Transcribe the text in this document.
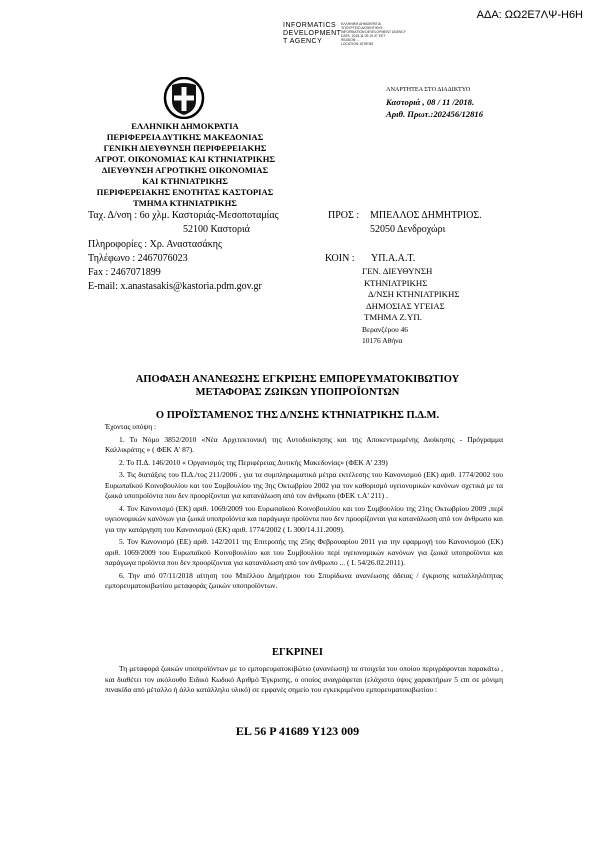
ΑΔΑ: ΩΩ2Ε7ΛΨ-Η6Η
INFORMATICS
DEVELOPMENT
T AGENCY
ΕΛΛΗΝΙΚΗ ΔΗΜΟΚΡΑΤΙΑ
ΥΠΟΥΡΓΕΙΟ ΔΙΟΙΚΗΤΙΚΗΣ
INFORMATION DEVELOPMENT AGENCY
DATE: 2018.11.09 10:37 EET
REASON: ...
LOCATION: ATHENS
ΕΛΛΗΝΙΚΗ ΔΗΜΟΚΡΑΤΙΑ
ΠΕΡΙΦΕΡΕΙΑ ΔΥΤΙΚΗΣ ΜΑΚΕΔΟΝΙΑΣ
ΓΕΝΙΚΗ ΔΙΕΥΘΥΝΣΗ ΠΕΡΙΦΕΡΕΙΑΚΗΣ
ΑΓΡΟΤ. ΟΙΚΟΝΟΜΙΑΣ ΚΑΙ ΚΤΗΝΙΑΤΡΙΚΗΣ
ΔΙΕΥΘΥΝΣΗ ΑΓΡΟΤΙΚΗΣ ΟΙΚΟΝΟΜΙΑΣ
ΚΑΙ ΚΤΗΝΙΑΤΡΙΚΗΣ
ΠΕΡΙΦΕΡΕΙΑΚΗΣ ΕΝΟΤΗΤΑΣ ΚΑΣΤΟΡΙΑΣ
ΤΜΗΜΑ ΚΤΗΝΙΑΤΡΙΚΗΣ
ΑΝΑΡΤΗΤΕΑ ΣΤΟ ΔΙΑΔΙΚΤΥΟ
Καστοριά , 08 / 11 /2018.
Αριθ. Πρωτ.:202456/12816
Ταχ. Δ/νση : 6ο χλμ. Καστοριάς-Μεσοποταμίας
52100 Καστοριά
Πληροφορίες : Χρ. Αναστασάκης
Τηλέφωνο : 2467076023
Fax : 2467071899
E-mail: x.anastasakis@kastoria.pdm.gov.gr
ΠΡΟΣ : ΜΠΕΛΛΟΣ ΔΗΜΗΤΡΙΟΣ.
52050 Δενδροχώρι
ΚΟΙΝ : ΥΠ.Α.Α.Τ.
ΓΕΝ. ΔΙΕΥΘΥΝΣΗ
ΚΤΗΝΙΑΤΡΙΚΗΣ
Δ/ΝΣΗ ΚΤΗΝΙΑΤΡΙΚΗΣ
ΔΗΜΟΣΙΑΣ ΥΓΕΙΑΣ
ΤΜΗΜΑ Ζ.ΥΠ.
Βερανζέρου 46
10176 Αθήνα
ΑΠΟΦΑΣΗ ΑΝΑΝΕΩΣΗΣ ΕΓΚΡΙΣΗΣ ΕΜΠΟΡΕΥΜΑΤΟΚΙΒΩΤΙΟΥ
ΜΕΤΑΦΟΡΑΣ ΖΩΙΚΩΝ ΥΠΟΠΡΟΪΟΝΤΩΝ
Ο ΠΡΟΪΣΤΑΜΕΝΟΣ ΤΗΣ Δ/ΝΣΗΣ ΚΤΗΝΙΑΤΡΙΚΗΣ Π.Δ.Μ.
Έχοντας υπόψη :

1. Το Νόμο 3852/2010 «Νέα Αρχιτεκτονική της Αυτοδιοίκησης και της Αποκεντρωμένης Διοίκησης - Πρόγραμμα Καλλικράτης » ( ΦΕΚ Α' 87).

2. Το Π.Δ. 146/2010 « Οργανισμός της Περιφέρειας Δυτικής Μακεδονίας» (ΦΕΚ Α' 239)

3. Τις διατάξεις του Π.Δ./τος 211/2006 , για τα συμπληρωματικά μέτρα εκτέλεσης του Κανονισμού (ΕΚ) αριθ. 1774/2002 του Ευρωπαϊκού Κοινοβουλίου και του Συμβουλίου της 3ης Οκτωβρίου 2002 για τον καθορισμό υγειονομικών κανόνων σχετικά με τα ζωικά υποπροϊόντα που δεν προορίζονται για κατανάλωση από τον άνθρωπο (ΦΕΚ τ.Α' 211) .

4. Τον Κανονισμό (ΕΚ) αριθ. 1069/2009 του Ευρωπαϊκού Κοινοβουλίου και του Συμβουλίου της 21ης Οκτωβρίου 2009 ,περί υγειονομικών κανόνων για ζωικά υποπροϊόντα και παράγωγα προϊόντα που δεν προορίζονται για κατανάλωση από τον άνθρωπο και για την κατάργηση του Κανονισμού (ΕΚ) αριθ. 1774/2002 ( L 300/14.11.2009).

5. Τον Κανονισμό (ΕΕ) αριθ. 142/2011 της Επιτροπής της 25ης Φεβρουαρίου 2011 για την εφαρμογή του Κανονισμού (ΕΚ) αριθ. 1069/2009 του Ευρωπαϊκού Κοινοβουλίου και του Συμβουλίου περί υγειονομικών κανόνων για ζωικά υποπροϊόντα και παράγωγα προϊόντα που δεν προορίζονται για κατανάλωση από τον άνθρωπο ... ( L 54/26.02.2011).

6. Την από 07/11/2018 αίτηση του Μπέλλου Δημήτριου του Σπυρίδωνα ανανέωσης άδειας / έγκρισης καταλληλότητας εμπορευματοκιβωτίου μεταφοράς ζωικών υποπροϊόντων.

ΕΓΚΡΙΝΕΙ

Τη μεταφορά ζωικών υποπροϊόντων με το εμπορευματοκιβώτιο (ανανέωση) τα στοιχεία του οποίου περιγράφονται παρακάτω , και διαθέτει τον ακόλουθο Ειδικό Κωδικό Αριθμό Έγκρισης, ο οποίος αναγράφεται (ελάχιστο ύψος χαρακτήρων 5 cm σε μόνιμη πινακίδα από μέταλλο ή άλλο κατάλληλο υλικό) σε εμφανές σημείο του εγκεκριμένου εμπορευματοκιβωτίου :

EL 56 P 41689 Y123 009
